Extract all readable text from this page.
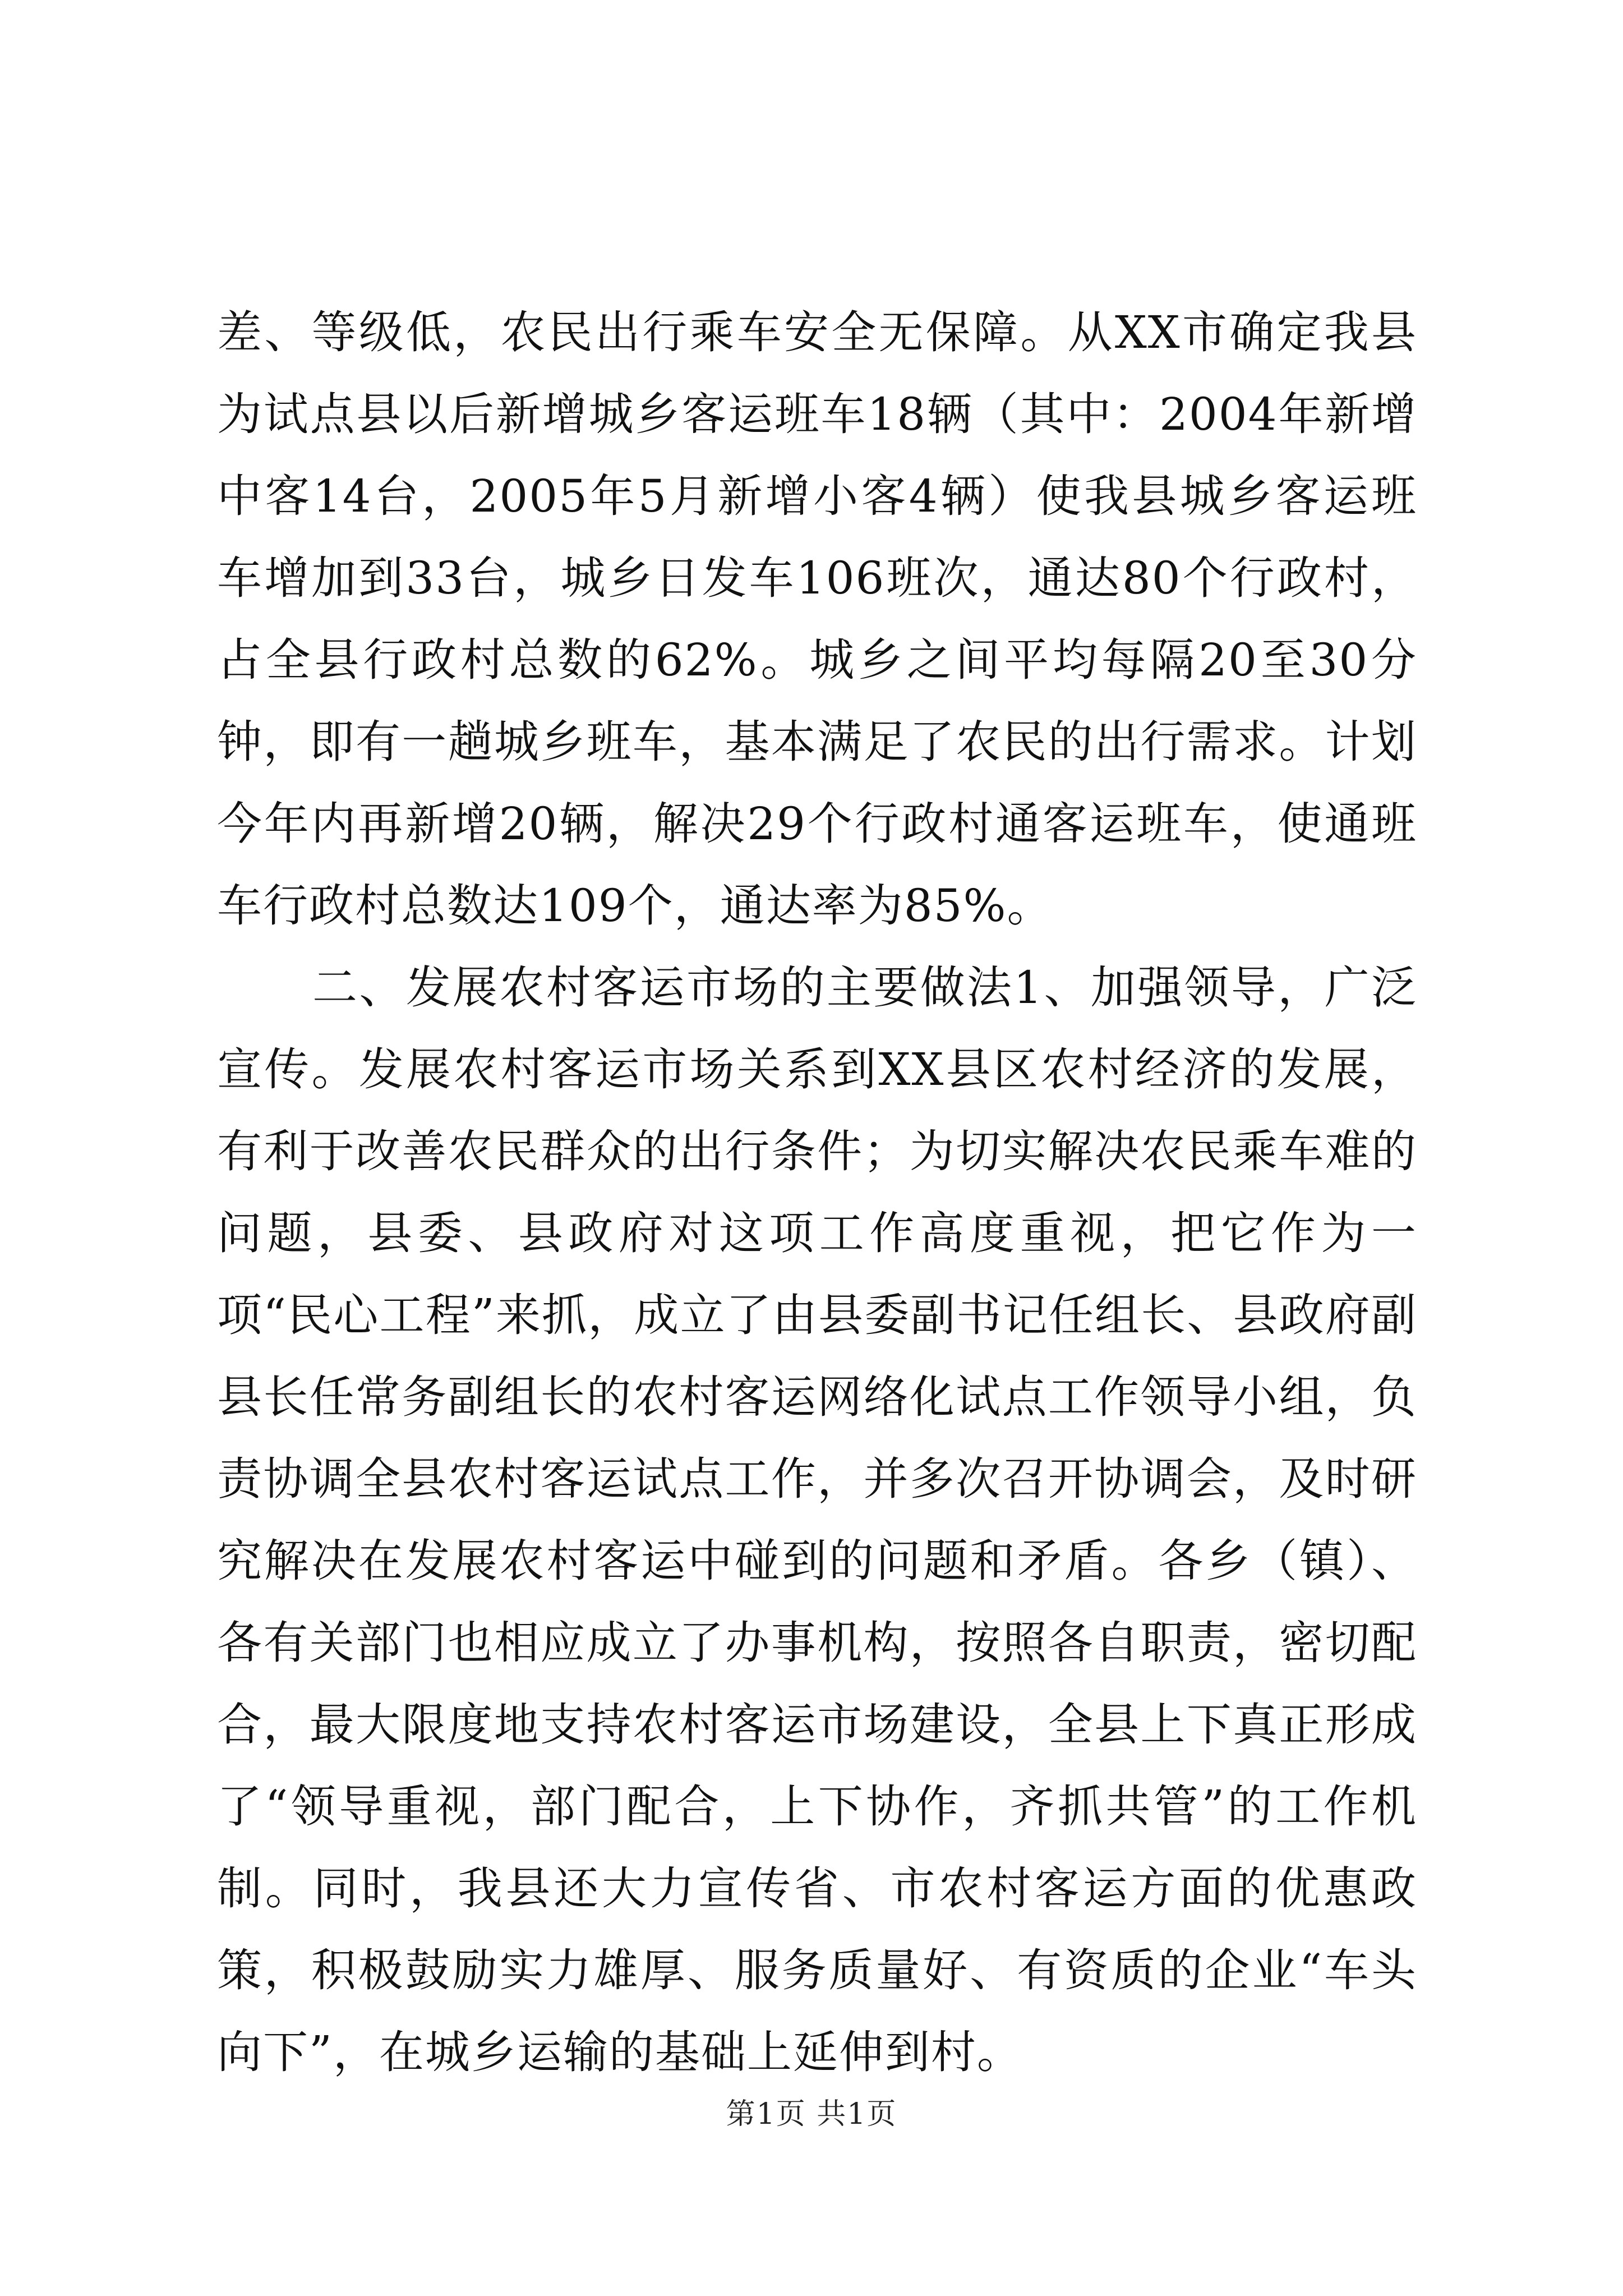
差、等级低，农民出行乘车安全无保障。从XX市确定我县为试点县以后新增城乡客运班车18辆（其中：2004年新增中客14台，2005年5月新增小客4辆）使我县城乡客运班车增加到33台，城乡日发车106班次，通达80个行政村，占全县行政村总数的62%。城乡之间平均每隔20至30分钟，即有一趟城乡班车，基本满足了农民的出行需求。计划今年内再新增20辆，解决29个行政村通客运班车，使通班车行政村总数达109个，通达率为85%。

二、发展农村客运市场的主要做法1、加强领导，广泛宣传。发展农村客运市场关系到XX县区农村经济的发展，有利于改善农民群众的出行条件；为切实解决农民乘车难的问题，县委、县政府对这项工作高度重视，把它作为一项“民心工程”来抓，成立了由县委副书记任组长、县政府副县长任常务副组长的农村客运网络化试点工作领导小组，负责协调全县农村客运试点工作，并多次召开协调会，及时研究解决在发展农村客运中碰到的问题和矛盾。各乡（镇）、各有关部门也相应成立了办事机构，按照各自职责，密切配合，最大限度地支持农村客运市场建设，全县上下真正形成了“领导重视，部门配合，上下协作，齐抓共管”的工作机制。同时，我县还大力宣传省、市农村客运方面的优惠政策，积极鼓励实力雄厚、服务质量好、有资质的企业“车头向下”，在城乡运输的基础上延伸到村。

第1页 共1页
